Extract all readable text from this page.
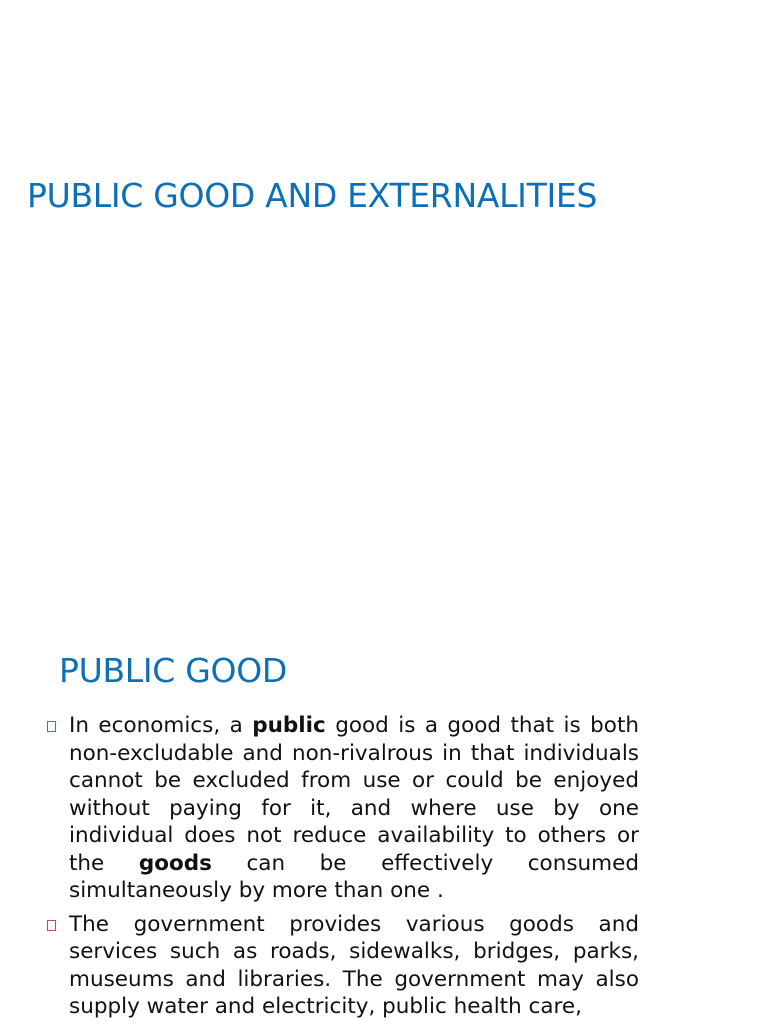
PUBLIC GOOD AND EXTERNALITIES
PUBLIC GOOD
In economics, a public good is a good that is both non-excludable and non-rivalrous in that individuals cannot be excluded from use or could be enjoyed without paying for it, and where use by one individual does not reduce availability to others or the goods can be effectively consumed simultaneously by more than one .
The government provides various goods and services such as roads, sidewalks, bridges, parks, museums and libraries. The government may also supply water and electricity, public health care,
